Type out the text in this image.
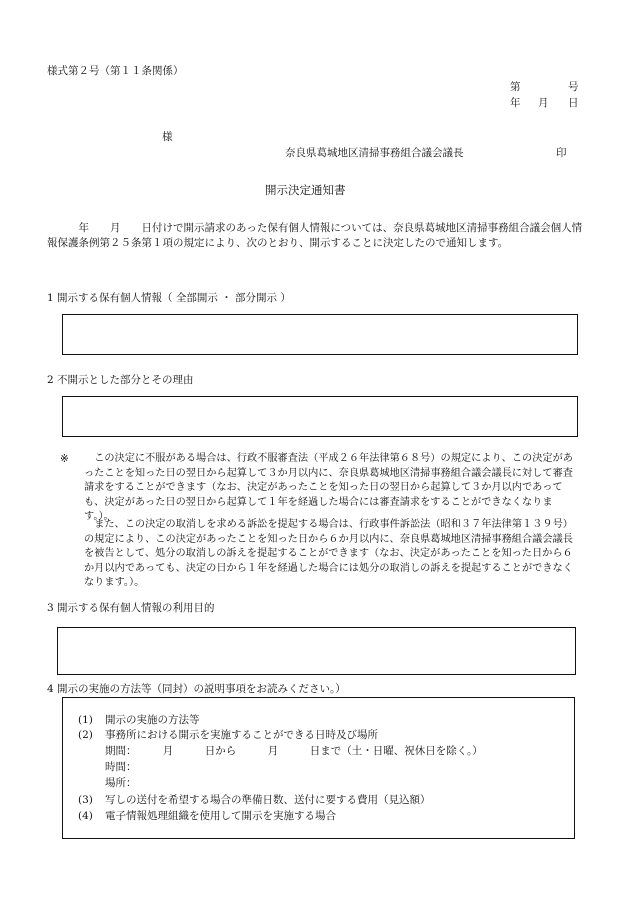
様式第２号（第１１条関係）
第	号
年 月 日
様
奈良県葛城地区清掃事務組合議会議長	印
開示決定通知書
　　　年　　月　　日付けで開示請求のあった保有個人情報については、奈良県葛城地区清掃事務組合議会個人情報保護条例第２５条第１項の規定により、次のとおり、開示することに決定したので通知します。
1 開示する保有個人情報（ 全部開示 ・ 部分開示 ）
2 不開示とした部分とその理由
※	この決定に不服がある場合は、行政不服審査法（平成２６年法律第６８号）の規定により、この決定があったことを知った日の翌日から起算して３か月以内に、奈良県葛城地区清掃事務組合議会議長に対して審査請求をすることができます（なお、決定があったことを知った日の翌日から起算して３か月以内であっても、決定があった日の翌日から起算して１年を経過した場合には審査請求をすることができなくなります。）。
また、この決定の取消しを求める訴訟を提起する場合は、行政事件訴訟法（昭和３７年法律第１３９号）の規定により、この決定があったことを知った日から６か月以内に、奈良県葛城地区清掃事務組合議会議長を被告として、処分の取消しの訴えを提起することができます（なお、決定があったことを知った日から６か月以内であっても、決定の日から１年を経過した場合には処分の取消しの訴えを提起することができなくなります。）。
3 開示する保有個人情報の利用目的
4 開示の実施の方法等（同封）の説明事項をお読みください。）
(1) 開示の実施の方法等
(2) 事務所における開示を実施することができる日時及び場所
期間：　　　月　　　日から　　　月　　　日まで（土・日曜、祝休日を除く。）
時間：
場所：
(3) 写しの送付を希望する場合の準備日数、送付に要する費用（見込額）
(4) 電子情報処理組織を使用して開示を実施する場合
